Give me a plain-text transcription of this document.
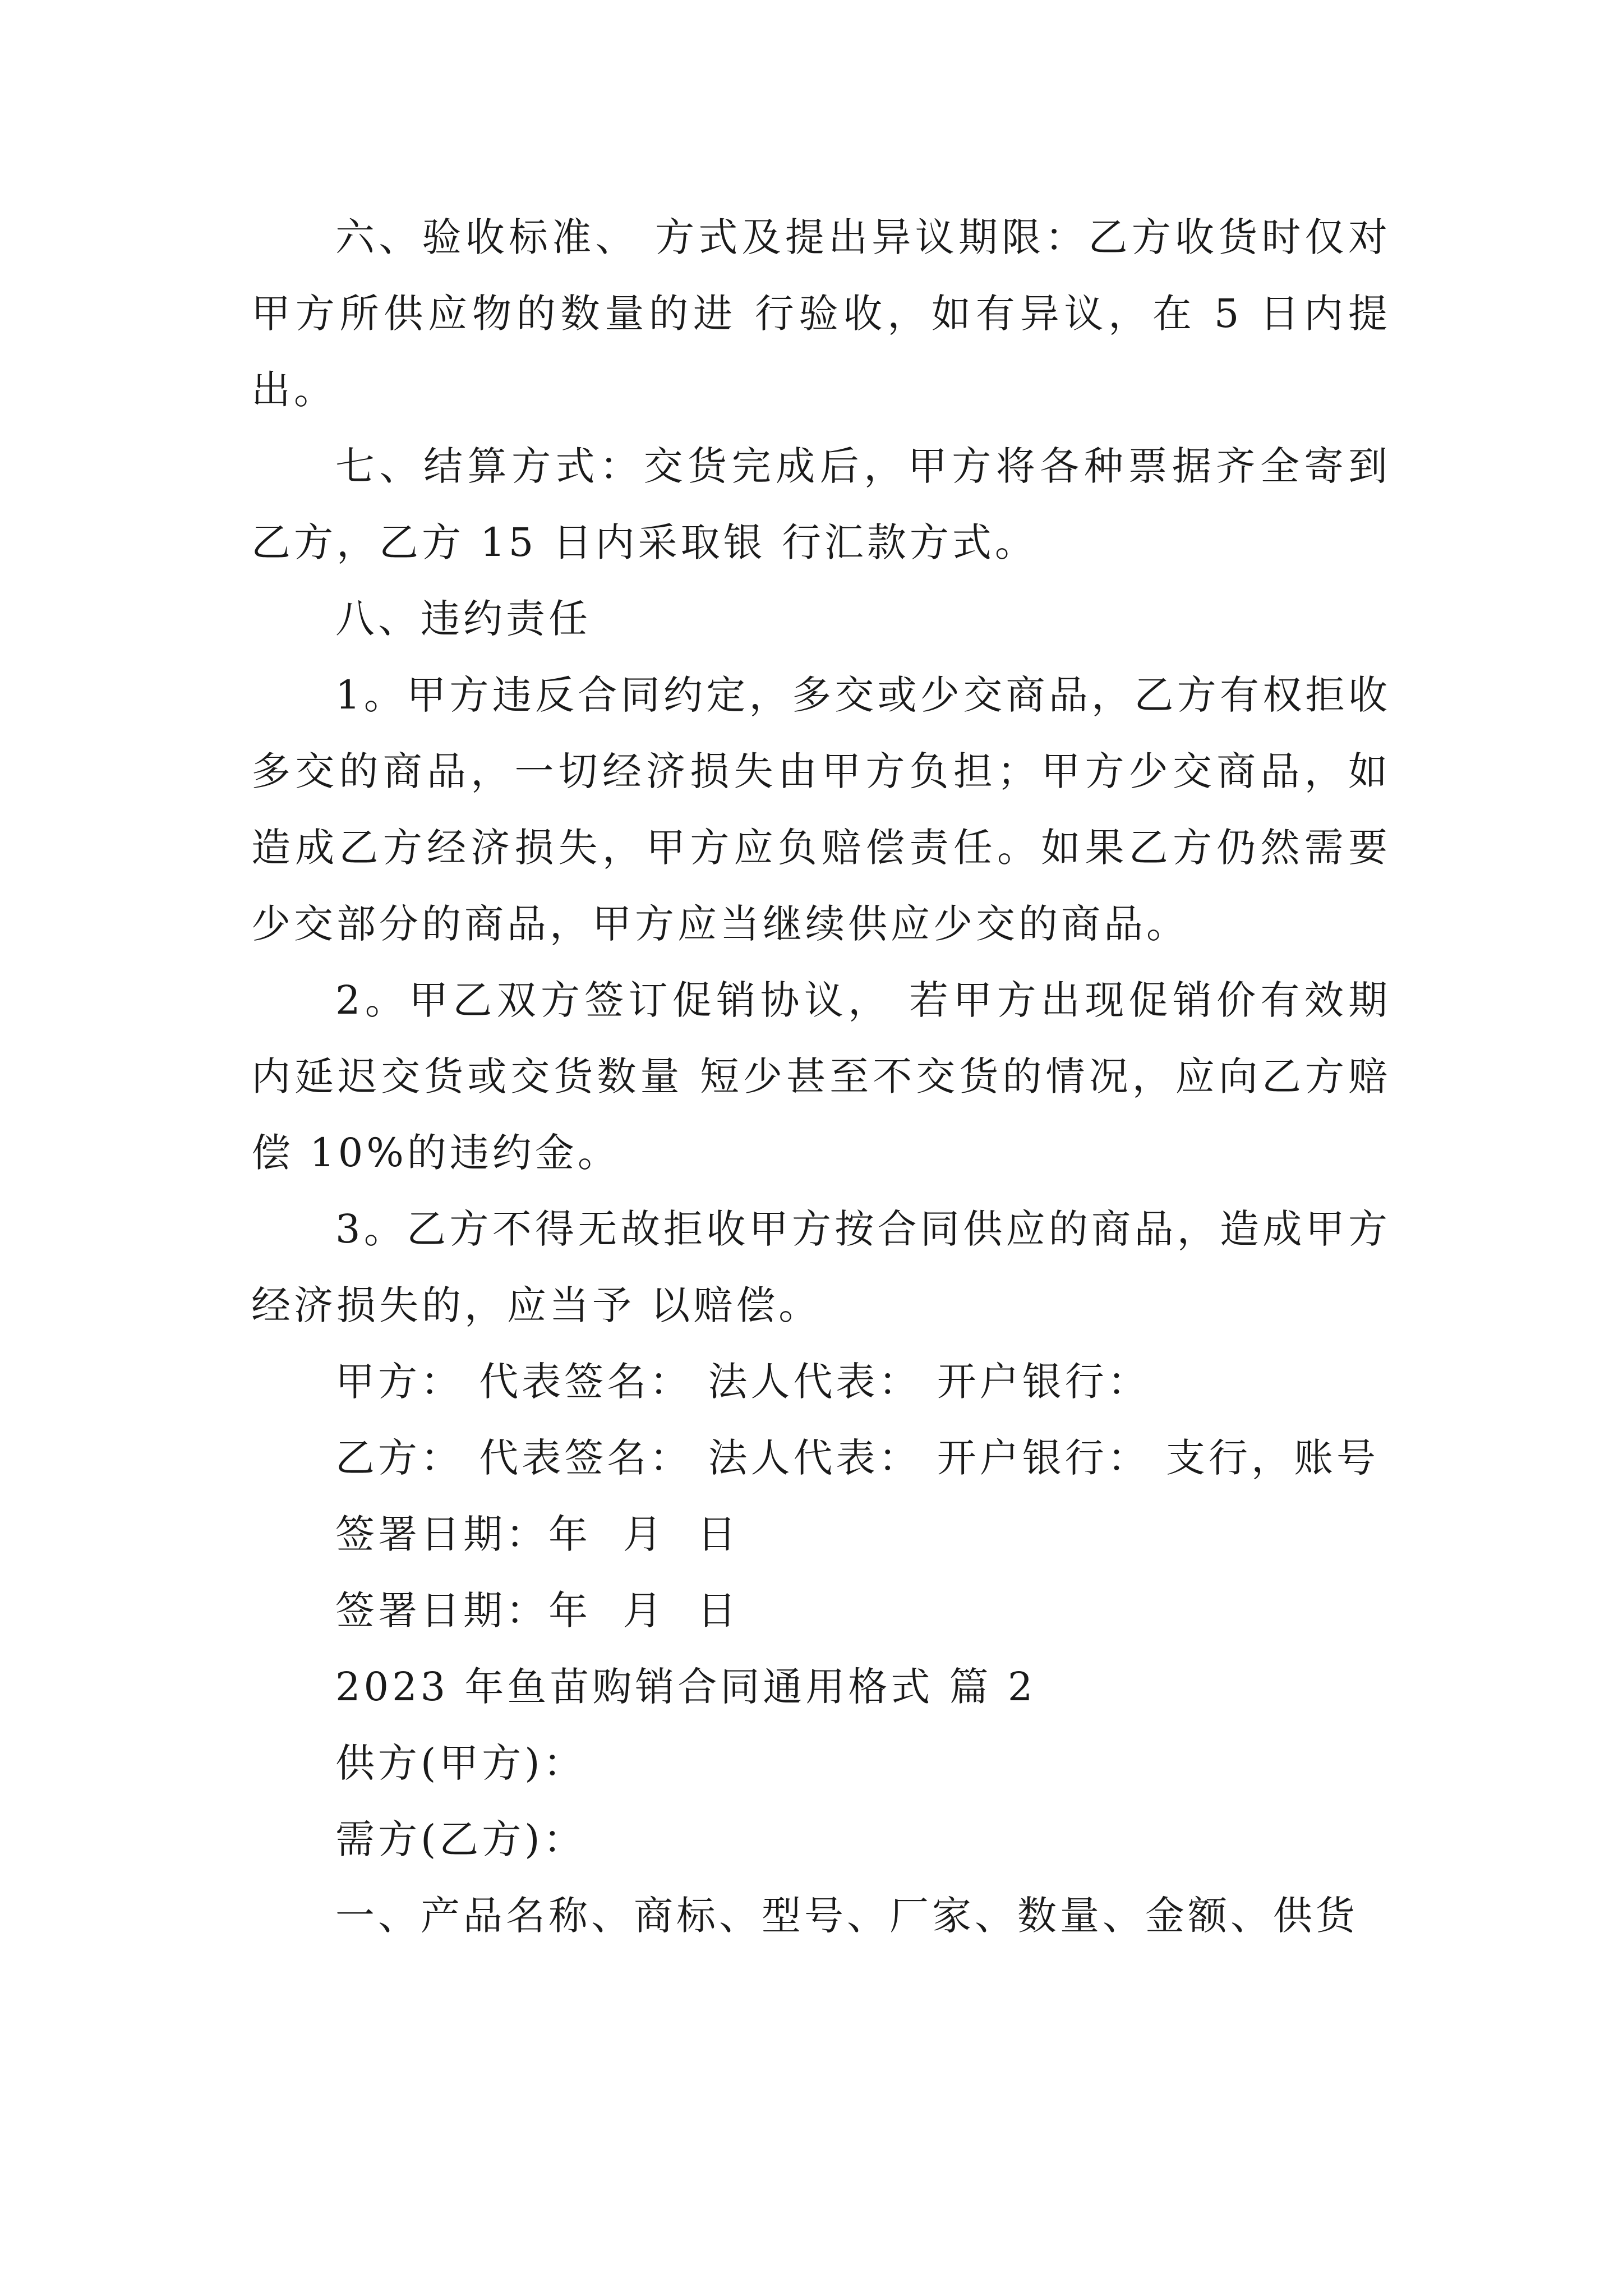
六、验收标准、 方式及提出异议期限：乙方收货时仅对甲方所供应物的数量的进 行验收，如有异议，在 5 日内提出。

七、结算方式：交货完成后，甲方将各种票据齐全寄到乙方，乙方 15 日内采取银 行汇款方式。

八、违约责任

1。甲方违反合同约定，多交或少交商品，乙方有权拒收多交的商品，一切经济损失由甲方负担；甲方少交商品，如造成乙方经济损失，甲方应负赔偿责任。如果乙方仍然需要少交部分的商品，甲方应当继续供应少交的商品。

2。甲乙双方签订促销协议， 若甲方出现促销价有效期内延迟交货或交货数量 短少甚至不交货的情况，应向乙方赔偿 10%的违约金。

3。乙方不得无故拒收甲方按合同供应的商品，造成甲方经济损失的，应当予 以赔偿。

甲方： 代表签名： 法人代表： 开户银行：

乙方： 代表签名： 法人代表： 开户银行： 支行，账号

签署日期：年  月  日

签署日期：年  月  日

2023 年鱼苗购销合同通用格式 篇 2

供方(甲方)：

需方(乙方)：

一、产品名称、商标、型号、厂家、数量、金额、供货
